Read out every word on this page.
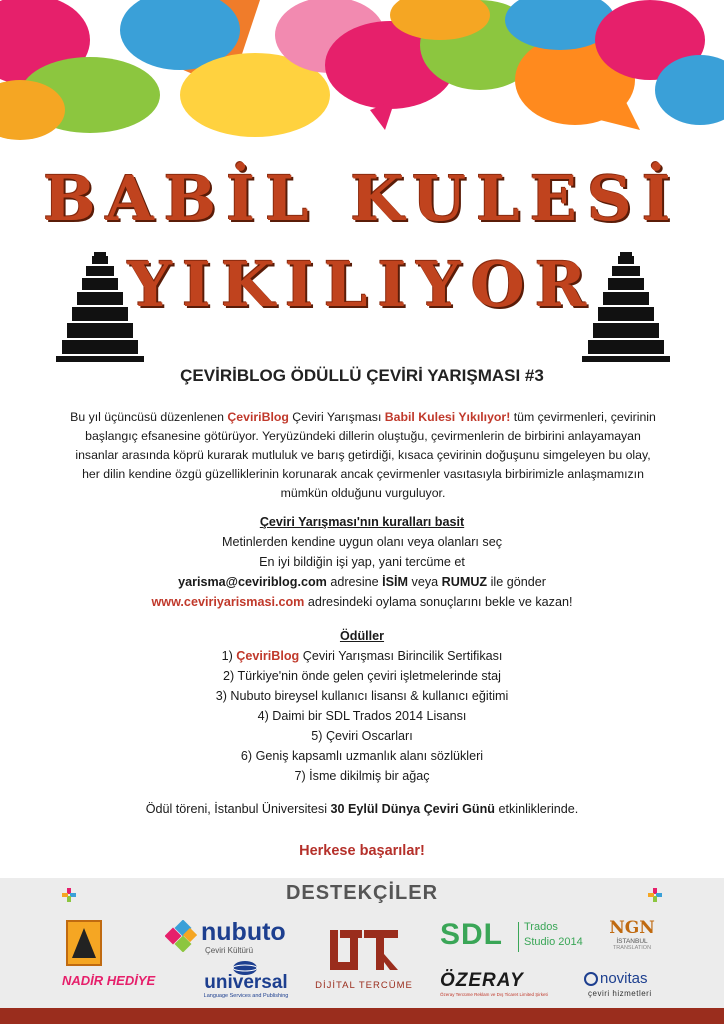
BABİL KULESİ
YIKILIYOR
ÇEVİRİBLOG ÖDÜLLÜ ÇEVİRİ YARIŞMASI #3
Bu yıl üçüncüsü düzenlenen ÇeviriBlog Çeviri Yarışması Babil Kulesi Yıkılıyor! tüm çevirmenleri, çevirinin başlangıç efsanesine götürüyor. Yeryüzündeki dillerin oluştuğu, çevirmenlerin de birbirini anlayamayan insanlar arasında köprü kurarak mutluluk ve barış getirdiği, kısaca çevirinin doğuşunu simgeleyen bu olay, her dilin kendine özgü güzelliklerinin korunarak ancak çevirmenler vasıtasıyla birbirimizle anlaşmamızın mümkün olduğunu vurguluyor.
Çeviri Yarışması'nın kuralları basit
Metinlerden kendine uygun olanı veya olanları seç
En iyi bildiğin işi yap, yani tercüme et
yarisma@ceviriblog.com adresine İSİM veya RUMUZ ile gönder
www.ceviriyarismasi.com adresindeki oylama sonuçlarını bekle ve kazan!
Ödüller
1) ÇeviriBlog Çeviri Yarışması Birincilik Sertifikası
2) Türkiye'nin önde gelen çeviri işletmelerinde staj
3) Nubuto bireysel kullanıcı lisansı & kullanıcı eğitimi
4) Daimi bir SDL Trados 2014 Lisansı
5) Çeviri Oscarları
6) Geniş kapsamlı uzmanlık alanı sözlükleri
7) İsme dikilmiş bir ağaç
Ödül töreni, İstanbul Üniversitesi 30 Eylül Dünya Çeviri Günü etkinliklerinde.
Herkese başarılar!
DESTEKÇİLER
nubuto
Çeviri Kültürü
DİJİTAL TERCÜME
SDL Trados
Studio 2014
NGN
İSTANBUL
TRANSLATION
NADİR HEDİYE	universal
Language Services and Publishing
ÖZERAY
Özeray Tercüme Reklam ve Dış Ticaret Limited Şirketi
novitas
çeviri hizmetleri
